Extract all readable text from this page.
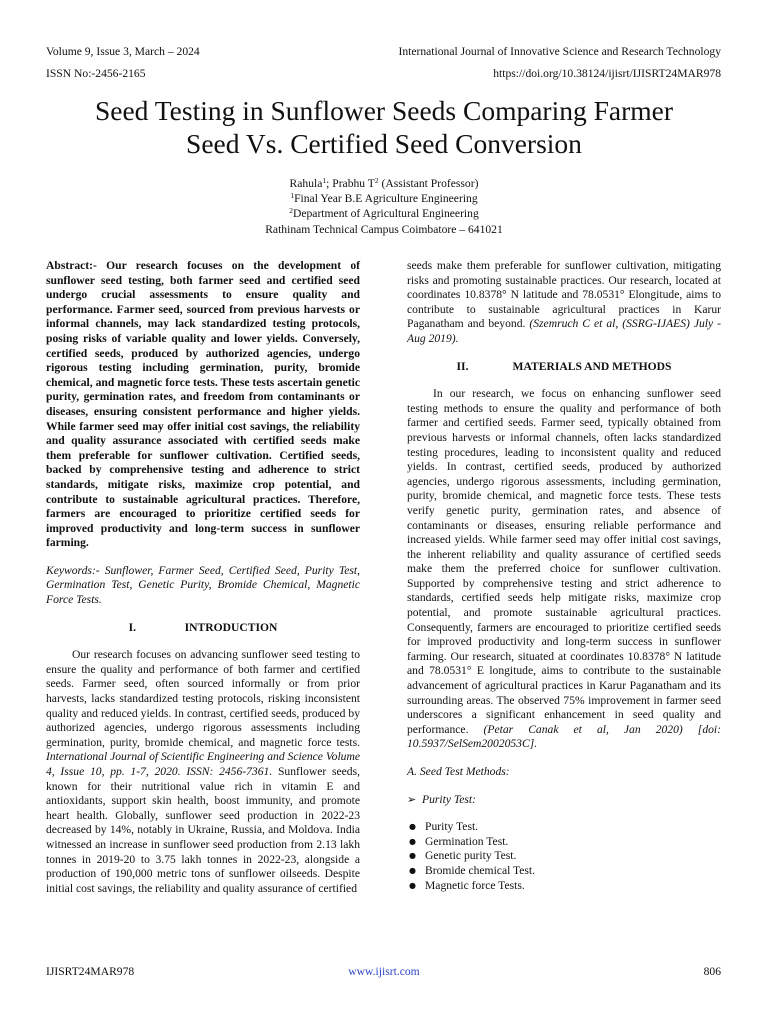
Volume 9, Issue 3, March – 2024	International Journal of Innovative Science and Research Technology
ISSN No:-2456-2165	https://doi.org/10.38124/ijisrt/IJISRT24MAR978
Seed Testing in Sunflower Seeds Comparing Farmer
Seed Vs. Certified Seed Conversion
Rahula$^1$; Prabhu $T^2$ (Assistant Professor)
$^1$Final Year B.E Agriculture Engineering
$^2$Department of Agricultural Engineering
Rathinam Technical Campus Coimbatore – 641021

Abstract:- Our research focuses on the development of sunflower seed testing, both farmer seed and certified seed undergo crucial assessments to ensure quality and performance. Farmer seed, sourced from previous harvests or informal channels, may lack standardized testing protocols, posing risks of variable quality and lower yields. Conversely, certified seeds, produced by authorized agencies, undergo rigorous testing including germination, purity, bromide chemical, and magnetic force tests. These tests ascertain genetic purity, germination rates, and freedom from contaminants or diseases, ensuring consistent performance and higher yields. While farmer seed may offer initial cost savings, the reliability and quality assurance associated with certified seeds make them preferable for sunflower cultivation. Certified seeds, backed by comprehensive testing and adherence to strict standards, mitigate risks, maximize crop potential, and contribute to sustainable agricultural practices. Therefore, farmers are encouraged to prioritize certified seeds for improved productivity and long-term success in sunflower farming.

Keywords:- Sunflower, Farmer Seed, Certified Seed, Purity Test, Germination Test, Genetic Purity, Bromide Chemical, Magnetic Force Tests.

I.	INTRODUCTION

Our research focuses on advancing sunflower seed testing to ensure the quality and performance of both farmer and certified seeds. Farmer seed, often sourced informally or from prior harvests, lacks standardized testing protocols, risking inconsistent quality and reduced yields. In contrast, certified seeds, produced by authorized agencies, undergo rigorous assessments including germination, purity, bromide chemical, and magnetic force tests. International Journal of Scientific Engineering and Science Volume 4, Issue 10, pp. 1-7, 2020. ISSN: 2456-7361. Sunflower seeds, known for their nutritional value rich in vitamin E and antioxidants, support skin health, boost immunity, and promote heart health. Globally, sunflower seed production in 2022-23 decreased by 14%, notably in Ukraine, Russia, and Moldova. India witnessed an increase in sunflower seed production from 2.13 lakh tonnes in 2019-20 to 3.75 lakh tonnes in 2022-23, alongside a production of 190,000 metric tons of sunflower oilseeds. Despite initial cost savings, the reliability and quality assurance of certified

seeds make them preferable for sunflower cultivation, mitigating risks and promoting sustainable practices. Our research, located at coordinates 10.8378° N latitude and 78.0531° Elongitude, aims to contribute to sustainable agricultural practices in Karur Paganatham and beyond. (Szemruch C et al, (SSRG-IJAES) July - Aug 2019).

II.	MATERIALS AND METHODS

In our research, we focus on enhancing sunflower seed testing methods to ensure the quality and performance of both farmer and certified seeds. Farmer seed, typically obtained from previous harvests or informal channels, often lacks standardized testing procedures, leading to inconsistent quality and reduced yields. In contrast, certified seeds, produced by authorized agencies, undergo rigorous assessments, including germination, purity, bromide chemical, and magnetic force tests. These tests verify genetic purity, germination rates, and absence of contaminants or diseases, ensuring reliable performance and increased yields. While farmer seed may offer initial cost savings, the inherent reliability and quality assurance of certified seeds make them the preferred choice for sunflower cultivation. Supported by comprehensive testing and strict adherence to standards, certified seeds help mitigate risks, maximize crop potential, and promote sustainable agricultural practices. Consequently, farmers are encouraged to prioritize certified seeds for improved productivity and long-term success in sunflower farming. Our research, situated at coordinates 10.8378° N latitude and 78.0531° E longitude, aims to contribute to the sustainable advancement of agricultural practices in Karur Paganatham and its surrounding areas. The observed 75% improvement in farmer seed underscores a significant enhancement in seed quality and performance. (Petar Canak et al, Jan 2020) [doi: 10.5937/SelSem2002053C].

A. Seed Test Methods:

➢ Purity Test:

● Purity Test.
● Germination Test.
● Genetic purity Test.
● Bromide chemical Test.
● Magnetic force Tests.
IJISRT24MAR978	www.ijisrt.com	806
